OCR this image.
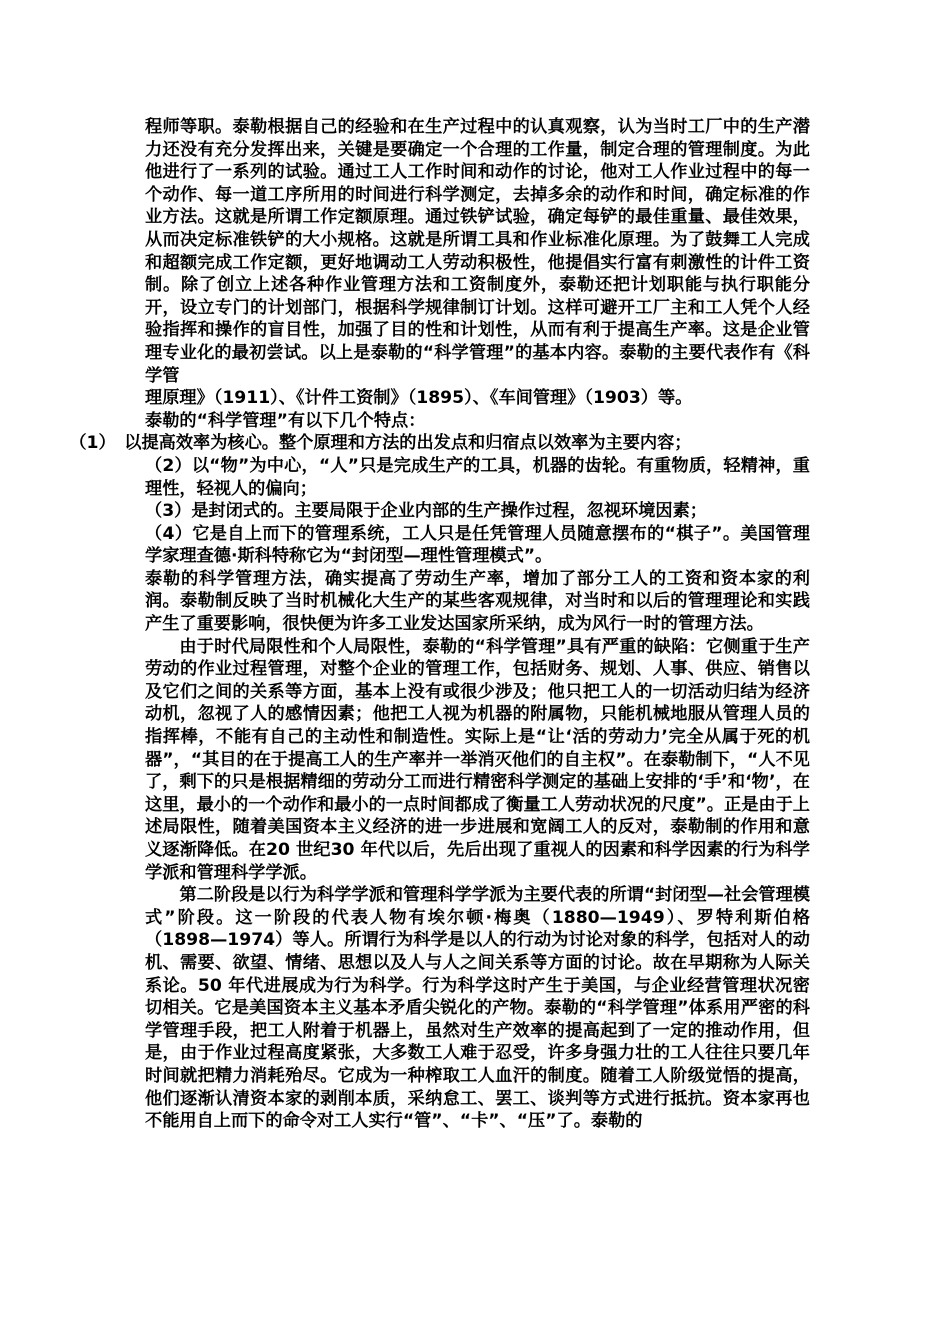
程师等职。泰勒根据自己的经验和在生产过程中的认真观察，认为当时工厂中的生产潜力还没有充分发挥出来，关键是要确定一个合理的工作量，制定合理的管理制度。为此他进行了一系列的试验。通过工人工作时间和动作的讨论，他对工人作业过程中的每一个动作、每一道工序所用的时间进行科学测定，去掉多余的动作和时间，确定标准的作业方法。这就是所谓工作定额原理。通过铁铲试验，确定每铲的最佳重量、最佳效果，从而决定标准铁铲的大小规格。这就是所谓工具和作业标准化原理。为了鼓舞工人完成和超额完成工作定额，更好地调动工人劳动积极性，他提倡实行富有刺激性的计件工资制。除了创立上述各种作业管理方法和工资制度外，泰勒还把计划职能与执行职能分开，设立专门的计划部门，根据科学规律制订计划。这样可避开工厂主和工人凭个人经验指挥和操作的盲目性，加强了目的性和计划性，从而有利于提高生产率。这是企业管理专业化的最初尝试。以上是泰勒的“科学管理”的基本内容。泰勒的主要代表作有《科学管

理原理》（1911）、《计件工资制》（1895）、《车间管理》（1903）等。

泰勒的“科学管理”有以下几个特点：

（1）　以提高效率为核心。整个原理和方法的出发点和归宿点以效率为主要内容；

（2）以“物”为中心，“人”只是完成生产的工具，机器的齿轮。有重物质，轻精神，重理性，轻视人的偏向；

（3）是封闭式的。主要局限于企业内部的生产操作过程，忽视环境因素；

（4）它是自上而下的管理系统，工人只是任凭管理人员随意摆布的“棋子”。美国管理学家理查德·斯科特称它为“封闭型—理性管理模式”。

泰勒的科学管理方法，确实提高了劳动生产率，增加了部分工人的工资和资本家的利润。泰勒制反映了当时机械化大生产的某些客观规律，对当时和以后的管理理论和实践产生了重要影响，很快便为许多工业发达国家所采纳，成为风行一时的管理方法。

由于时代局限性和个人局限性，泰勒的“科学管理”具有严重的缺陷：它侧重于生产劳动的作业过程管理，对整个企业的管理工作，包括财务、规划、人事、供应、销售以及它们之间的关系等方面，基本上没有或很少涉及；他只把工人的一切活动归结为经济动机，忽视了人的感情因素；他把工人视为机器的附属物，只能机械地服从管理人员的指挥棒，不能有自己的主动性和制造性。实际上是“让‘活的劳动力’完全从属于死的机器”，“其目的在于提高工人的生产率并一举消灭他们的自主权”。在泰勒制下，“人不见了，剩下的只是根据精细的劳动分工而进行精密科学测定的基础上安排的‘手’和‘物’，在这里，最小的一个动作和最小的一点时间都成了衡量工人劳动状况的尺度”。正是由于上述局限性，随着美国资本主义经济的进一步进展和宽阔工人的反对，泰勒制的作用和意义逐渐降低。在20 世纪30 年代以后，先后出现了重视人的因素和科学因素的行为科学学派和管理科学学派。

第二阶段是以行为科学学派和管理科学学派为主要代表的所谓“封闭型—社会管理模式”阶段。这一阶段的代表人物有埃尔顿·梅奥（1880—1949）、罗特利斯伯格（1898—1974）等人。所谓行为科学是以人的行动为讨论对象的科学，包括对人的动机、需要、欲望、情绪、思想以及人与人之间关系等方面的讨论。故在早期称为人际关系论。50 年代进展成为行为科学。行为科学这时产生于美国，与企业经营管理状况密切相关。它是美国资本主义基本矛盾尖锐化的产物。泰勒的“科学管理”体系用严密的科学管理手段，把工人附着于机器上，虽然对生产效率的提高起到了一定的推动作用，但是，由于作业过程高度紧张，大多数工人难于忍受，许多身强力壮的工人往往只要几年时间就把精力消耗殆尽。它成为一种榨取工人血汗的制度。随着工人阶级觉悟的提高，他们逐渐认清资本家的剥削本质，采纳怠工、罢工、谈判等方式进行抵抗。资本家再也不能用自上而下的命令对工人实行“管”、“卡”、“压”了。泰勒的
